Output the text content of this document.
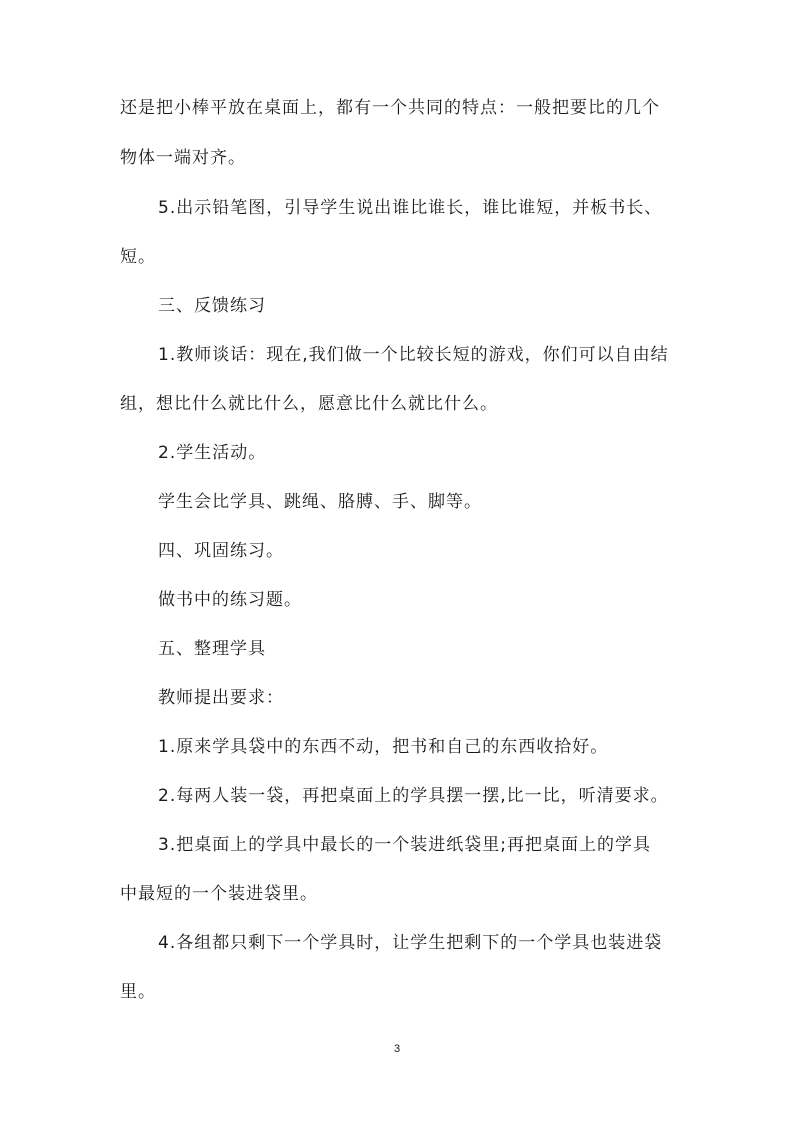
还是把小棒平放在桌面上，都有一个共同的特点：一般把要比的几个
物体一端对齐。
5.出示铅笔图，引导学生说出谁比谁长，谁比谁短，并板书长、
短。
三、反馈练习
1.教师谈话：现在,我们做一个比较长短的游戏，你们可以自由结
组，想比什么就比什么，愿意比什么就比什么。
2.学生活动。
学生会比学具、跳绳、胳膊、手、脚等。
四、巩固练习。
做书中的练习题。
五、整理学具
教师提出要求：
1.原来学具袋中的东西不动，把书和自己的东西收拾好。
2.每两人装一袋，再把桌面上的学具摆一摆,比一比，听清要求。
3.把桌面上的学具中最长的一个装进纸袋里;再把桌面上的学具
中最短的一个装进袋里。
4.各组都只剩下一个学具时，让学生把剩下的一个学具也装进袋
里。
3
